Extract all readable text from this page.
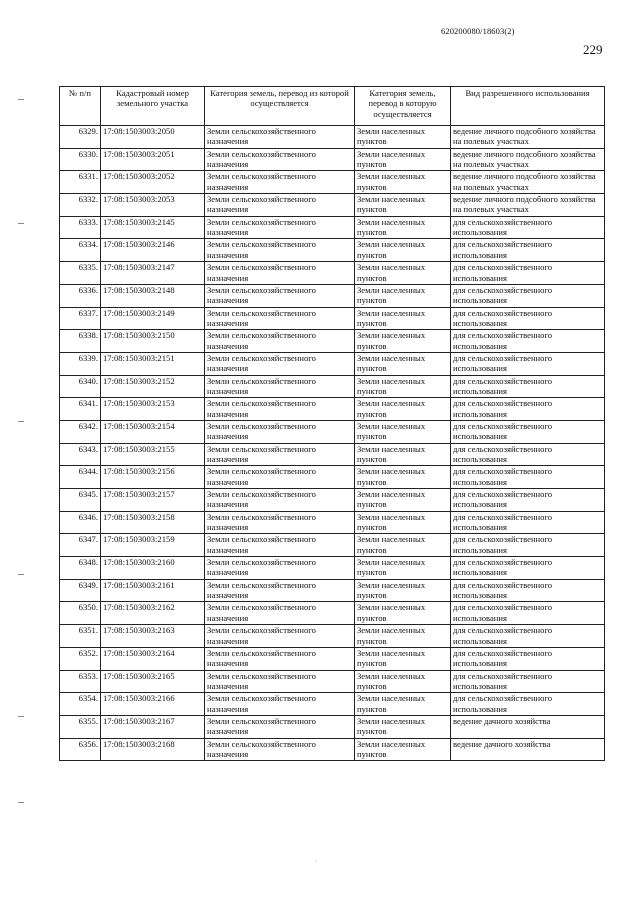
620200080/18603(2)
229
№ п/п	Кадастровый номер земельного участка	Категория земель, перевод из которой осуществляется	Категория земель, перевод в которую осуществляется	Вид разрешенного использования
6329.	17:08:1503003:2050	Земли сельскохозяйственного назначения	Земли населенных пунктов	ведение личного подсобного хозяйства на полевых участках
6330.	17:08:1503003:2051	Земли сельскохозяйственного назначения	Земли населенных пунктов	ведение личного подсобного хозяйства на полевых участках
6331.	17:08:1503003:2052	Земли сельскохозяйственного назначения	Земли населенных пунктов	ведение личного подсобного хозяйства на полевых участках
6332.	17:08:1503003:2053	Земли сельскохозяйственного назначения	Земли населенных пунктов	ведение личного подсобного хозяйства на полевых участках
6333.	17:08:1503003:2145	Земли сельскохозяйственного назначения	Земли населенных пунктов	для сельскохозяйственного использования
6334.	17:08:1503003:2146	Земли сельскохозяйственного назначения	Земли населенных пунктов	для сельскохозяйственного использования
6335.	17:08:1503003:2147	Земли сельскохозяйственного назначения	Земли населенных пунктов	для сельскохозяйственного использования
6336.	17:08:1503003:2148	Земли сельскохозяйственного назначения	Земли населенных пунктов	для сельскохозяйственного использования
6337.	17:08:1503003:2149	Земли сельскохозяйственного назначения	Земли населенных пунктов	для сельскохозяйственного использования
6338.	17:08:1503003:2150	Земли сельскохозяйственного назначения	Земли населенных пунктов	для сельскохозяйственного использования
6339.	17:08:1503003:2151	Земли сельскохозяйственного назначения	Земли населенных пунктов	для сельскохозяйственного использования
6340.	17:08:1503003:2152	Земли сельскохозяйственного назначения	Земли населенных пунктов	для сельскохозяйственного использования
6341.	17:08:1503003:2153	Земли сельскохозяйственного назначения	Земли населенных пунктов	для сельскохозяйственного использования
6342.	17:08:1503003:2154	Земли сельскохозяйственного назначения	Земли населенных пунктов	для сельскохозяйственного использования
6343.	17:08:1503003:2155	Земли сельскохозяйственного назначения	Земли населенных пунктов	для сельскохозяйственного использования
6344.	17:08:1503003:2156	Земли сельскохозяйственного назначения	Земли населенных пунктов	для сельскохозяйственного использования
6345.	17:08:1503003:2157	Земли сельскохозяйственного назначения	Земли населенных пунктов	для сельскохозяйственного использования
6346.	17:08:1503003:2158	Земли сельскохозяйственного назначения	Земли населенных пунктов	для сельскохозяйственного использования
6347.	17:08:1503003:2159	Земли сельскохозяйственного назначения	Земли населенных пунктов	для сельскохозяйственного использования
6348.	17:08:1503003:2160	Земли сельскохозяйственного назначения	Земли населенных пунктов	для сельскохозяйственного использования
6349.	17:08:1503003:2161	Земли сельскохозяйственного назначения	Земли населенных пунктов	для сельскохозяйственного использования
6350.	17:08:1503003:2162	Земли сельскохозяйственного назначения	Земли населенных пунктов	для сельскохозяйственного использования
6351.	17:08:1503003:2163	Земли сельскохозяйственного назначения	Земли населенных пунктов	для сельскохозяйственного использования
6352.	17:08:1503003:2164	Земли сельскохозяйственного назначения	Земли населенных пунктов	для сельскохозяйственного использования
6353.	17:08:1503003:2165	Земли сельскохозяйственного назначения	Земли населенных пунктов	для сельскохозяйственного использования
6354.	17:08:1503003:2166	Земли сельскохозяйственного назначения	Земли населенных пунктов	для сельскохозяйственного использования
6355.	17:08:1503003:2167	Земли сельскохозяйственного назначения	Земли населенных пунктов	ведение дачного хозяйства
6356.	17:08:1503003:2168	Земли сельскохозяйственного назначения	Земли населенных пунктов	ведение дачного хозяйства
·
